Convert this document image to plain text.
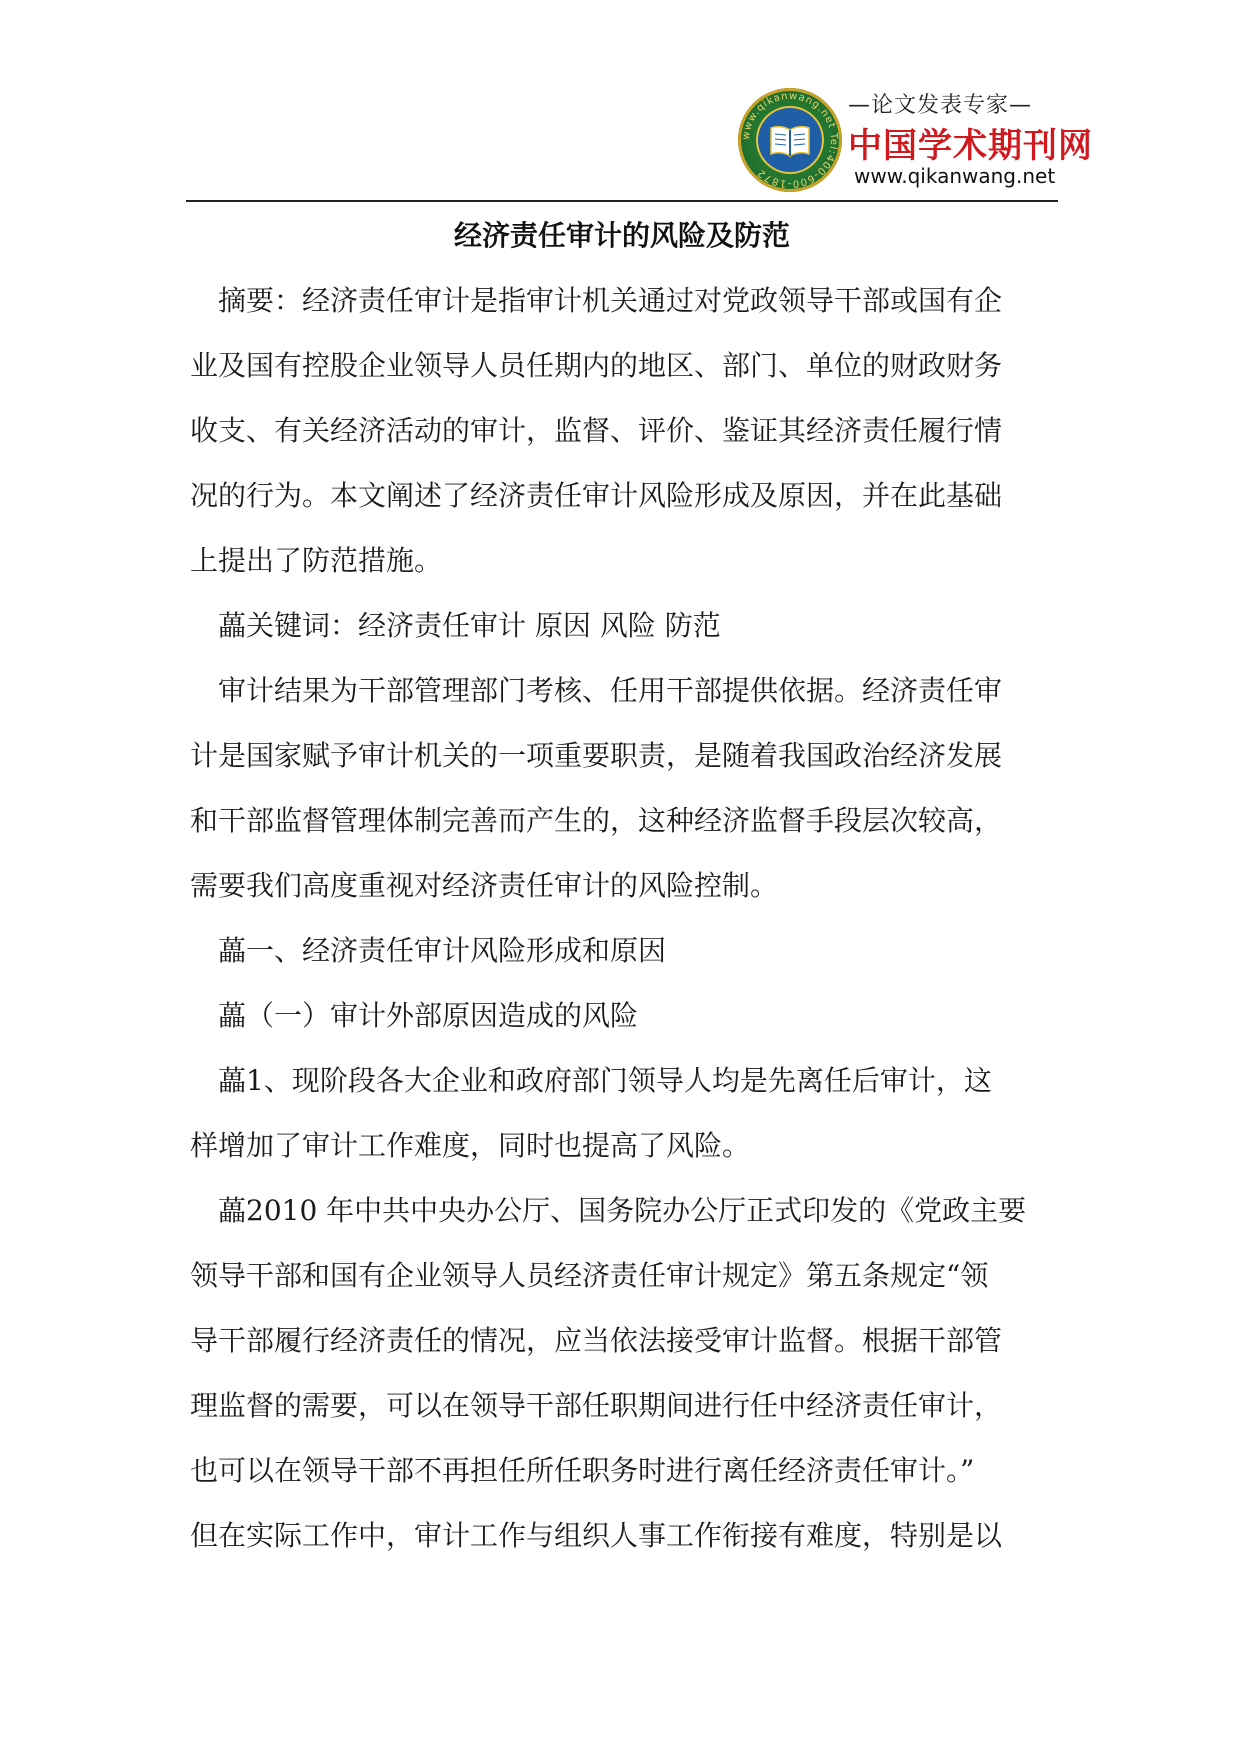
www.qikanwang.net Tel:400-600-1872
—论文发表专家—
中国学术期刊网
www.qikanwang.net
经济责任审计的风险及防范
摘要：经济责任审计是指审计机关通过对党政领导干部或国有企
业及国有控股企业领导人员任期内的地区、部门、单位的财政财务
收支、有关经济活动的审计，监督、评价、鉴证其经济责任履行情
况的行为。本文阐述了经济责任审计风险形成及原因，并在此基础
上提出了防范措施。
藟关键词：经济责任审计 原因 风险 防范
审计结果为干部管理部门考核、任用干部提供依据。经济责任审
计是国家赋予审计机关的一项重要职责，是随着我国政治经济发展
和干部监督管理体制完善而产生的，这种经济监督手段层次较高，
需要我们高度重视对经济责任审计的风险控制。
藟一、经济责任审计风险形成和原因
藟（一）审计外部原因造成的风险
藟1、现阶段各大企业和政府部门领导人均是先离任后审计，这
样增加了审计工作难度，同时也提高了风险。
藟2010 年中共中央办公厅、国务院办公厅正式印发的《党政主要
领导干部和国有企业领导人员经济责任审计规定》第五条规定“领
导干部履行经济责任的情况，应当依法接受审计监督。根据干部管
理监督的需要，可以在领导干部任职期间进行任中经济责任审计，
也可以在领导干部不再担任所任职务时进行离任经济责任审计。”
但在实际工作中，审计工作与组织人事工作衔接有难度，特别是以
